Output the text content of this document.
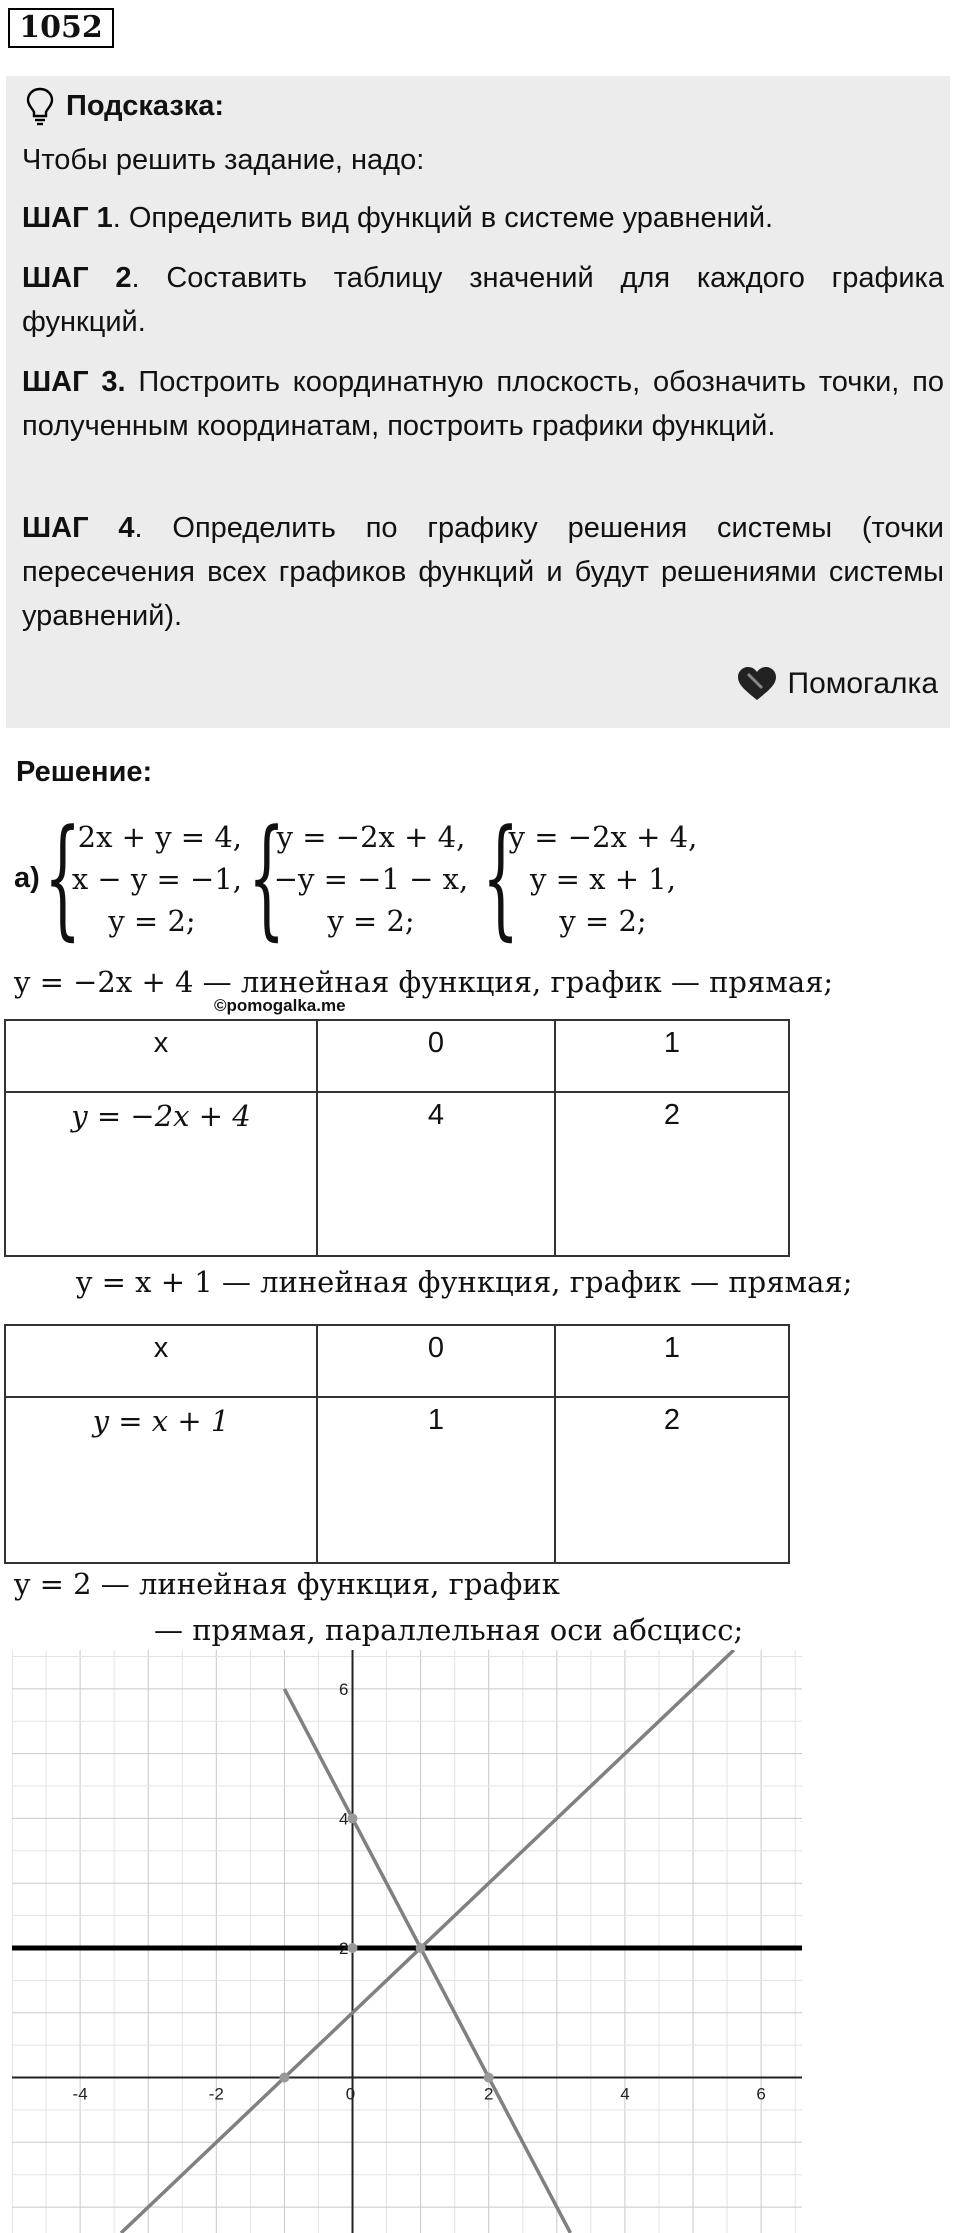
1052
Подсказка:
Чтобы решить задание, надо:
ШАГ 1. Определить вид функций в системе уравнений.
ШАГ 2. Составить таблицу значений для каждого графика функций.
ШАГ 3. Построить координатную плоскость, обозначить точки, по полученным координатам, построить графики функций.
ШАГ 4. Определить по графику решения системы (точки пересечения всех графиков функций и будут решениями системы уравнений).
Помогалка
Решение:
а) {
2x + y = 4,
x − y = −1,
y = 2; {
y = −2x + 4,
−y = −1 − x,
y = 2; {
y = −2x + 4,
y = x + 1,
y = 2;
y = −2x + 4 — линейная функция, график — прямая;
©pomogalka.me
x	0	1
y = −2x + 4	4	2
y = x + 1 — линейная функция, график — прямая;
x	0	1
y = x + 1	1	2
y = 2 — линейная функция, график
— прямая, параллельная оси абсцисс;
-4	-2	0	2	4	6
2
4
6
